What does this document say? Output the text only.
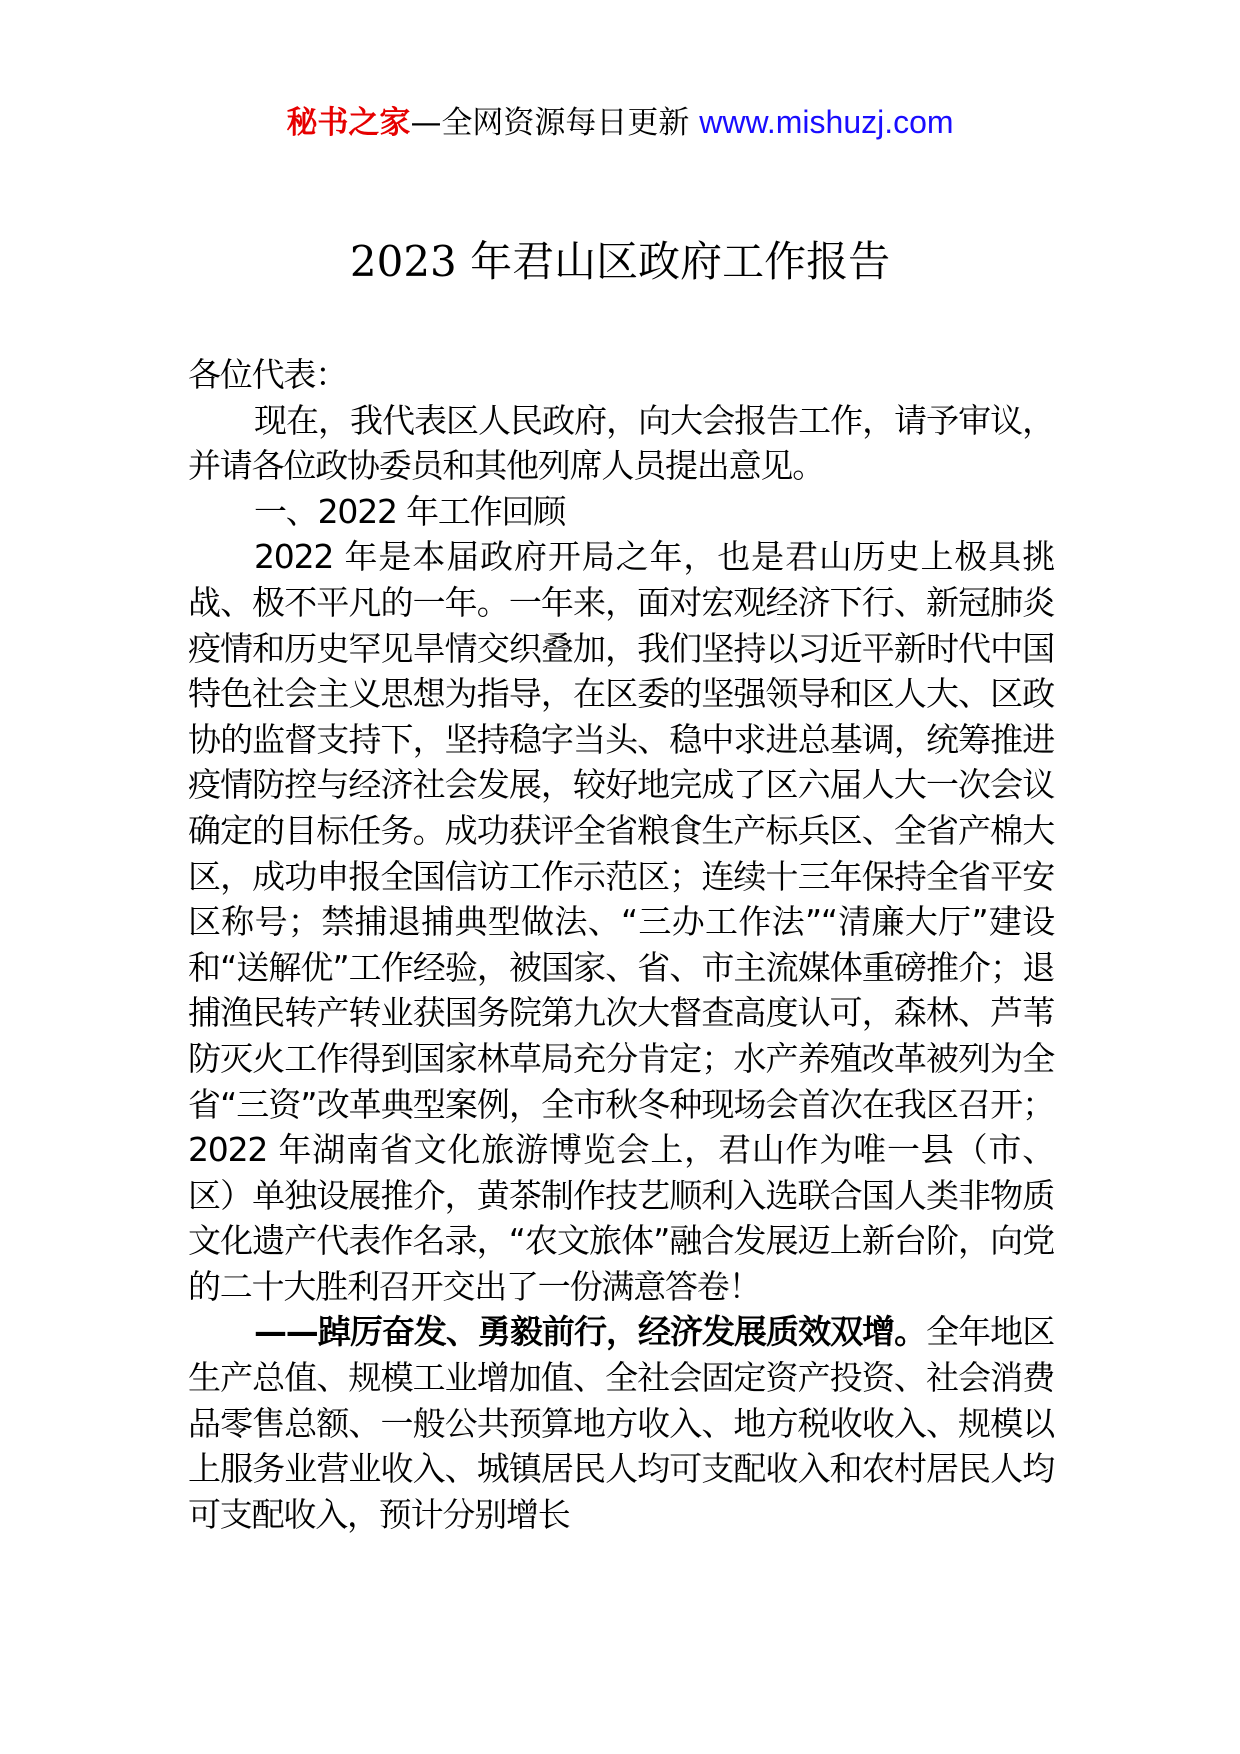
秘书之家—全网资源每日更新 www.mishuzj.com
2023 年君山区政府工作报告

各位代表：

现在，我代表区人民政府，向大会报告工作，请予审议，并请各位政协委员和其他列席人员提出意见。

一、2022 年工作回顾

2022 年是本届政府开局之年，也是君山历史上极具挑战、极不平凡的一年。一年来，面对宏观经济下行、新冠肺炎疫情和历史罕见旱情交织叠加，我们坚持以习近平新时代中国特色社会主义思想为指导，在区委的坚强领导和区人大、区政协的监督支持下，坚持稳字当头、稳中求进总基调，统筹推进疫情防控与经济社会发展，较好地完成了区六届人大一次会议确定的目标任务。成功获评全省粮食生产标兵区、全省产棉大区，成功申报全国信访工作示范区；连续十三年保持全省平安区称号；禁捕退捕典型做法、“三办工作法”“清廉大厅”建设和“送解优”工作经验，被国家、省、市主流媒体重磅推介；退捕渔民转产转业获国务院第九次大督查高度认可，森林、芦苇防灭火工作得到国家林草局充分肯定；水产养殖改革被列为全省“三资”改革典型案例，全市秋冬种现场会首次在我区召开；2022 年湖南省文化旅游博览会上，君山作为唯一县（市、区）单独设展推介，黄茶制作技艺顺利入选联合国人类非物质文化遗产代表作名录，“农文旅体”融合发展迈上新台阶，向党的二十大胜利召开交出了一份满意答卷！

——踔厉奋发、勇毅前行，经济发展质效双增。全年地区生产总值、规模工业增加值、全社会固定资产投资、社会消费品零售总额、一般公共预算地方收入、地方税收收入、规模以上服务业营业收入、城镇居民人均可支配收入和农村居民人均可支配收入，预计分别增长
